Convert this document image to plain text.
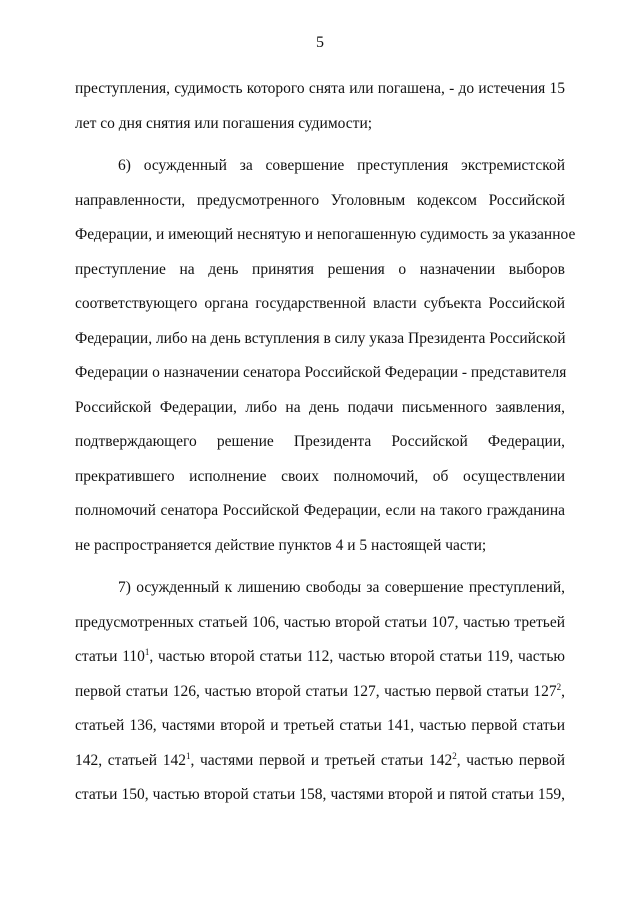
5
преступления, судимость которого снята или погашена, - до истечения 15
лет со дня снятия или погашения судимости;
6) осужденный за совершение преступления экстремистской
направленности, предусмотренного Уголовным кодексом Российской
Федерации, и имеющий неснятую и непогашенную судимость за указанное
преступление на день принятия решения о назначении выборов
соответствующего органа государственной власти субъекта Российской
Федерации, либо на день вступления в силу указа Президента Российской
Федерации о назначении сенатора Российской Федерации - представителя
Российской Федерации, либо на день подачи письменного заявления,
подтверждающего решение Президента Российской Федерации,
прекратившего исполнение своих полномочий, об осуществлении
полномочий сенатора Российской Федерации, если на такого гражданина
не распространяется действие пунктов 4 и 5 настоящей части;
7) осужденный к лишению свободы за совершение преступлений,
предусмотренных статьей 106, частью второй статьи 107, частью третьей
статьи $110^1$, частью второй статьи 112, частью второй статьи 119, частью
первой статьи 126, частью второй статьи 127, частью первой статьи $127^2$,
статьей 136, частями второй и третьей статьи 141, частью первой статьи
142, статьей $142^1$, частями первой и третьей статьи $142^2$, частью первой
статьи 150, частью второй статьи 158, частями второй и пятой статьи 159,
